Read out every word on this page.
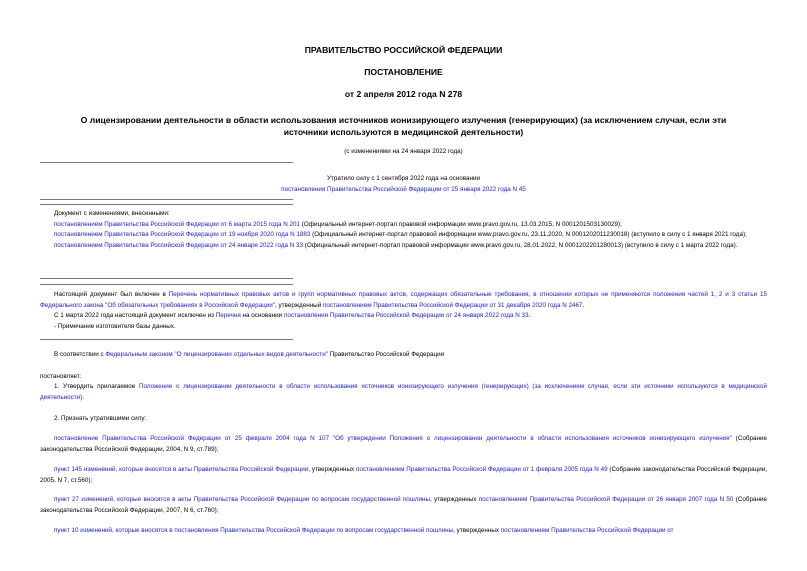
ПРАВИТЕЛЬСТВО РОССИЙСКОЙ ФЕДЕРАЦИИ
ПОСТАНОВЛЕНИЕ
от 2 апреля 2012 года N 278
О лицензировании деятельности в области использования источников ионизирующего излучения (генерирующих) (за исключением случая, если эти источники используются в медицинской деятельности)
(с изменениями на 24 января 2022 года)
Утратило силу с 1 сентября 2022 года на основании
постановления Правительства Российской Федерации от 25 января 2022 года N 45
Документ с изменениями, внесенными:
постановлением Правительства Российской Федерации от 6 марта 2015 года N 201 (Официальный интернет-портал правовой информации www.pravo.gov.ru, 13.03.2015, N 0001201503130029);
постановлением Правительства Российской Федерации от 19 ноября 2020 года N 1883 (Официальный интернет-портал правовой информации www.pravo.gov.ru, 23.11.2020, N 0001202011230018) (вступило в силу с 1 января 2021 года);
постановлением Правительства Российской Федерации от 24 января 2022 года N 33 (Официальный интернет-портал правовой информации www.pravo.gov.ru, 28.01.2022, N 0001202201280013) (вступило в силу с 1 марта 2022 года).
Настоящий документ был включен в Перечень нормативных правовых актов и групп нормативных правовых актов, содержащих обязательные требования, в отношении которых не применяются положения частей 1, 2 и 3 статьи 15 Федерального закона "Об обязательных требованиях в Российской Федерации", утвержденный постановлением Правительства Российской Федерации от 31 декабря 2020 года N 2467.
С 1 марта 2022 года настоящий документ исключен из Перечня на основании постановления Правительства Российской Федерации от 24 января 2022 года N 33.
- Примечание изготовителя базы данных.
В соответствии с Федеральным законом "О лицензировании отдельных видов деятельности" Правительство Российской Федерации
постановляет:
1. Утвердить прилагаемое Положение о лицензировании деятельности в области использования источников ионизирующего излучения (генерирующих) (за исключением случая, если эти источники используются в медицинской деятельности).
2. Признать утратившими силу:
постановление Правительства Российской Федерации от 25 февраля 2004 года N 107 "Об утверждении Положения о лицензировании деятельности в области использования источников ионизирующего излучения" (Собрание законодательства Российской Федерации, 2004, N 9, ст.789);
пункт 145 изменений, которые вносятся в акты Правительства Российской Федерации, утвержденных постановлением Правительства Российской Федерации от 1 февраля 2005 года N 49 (Собрание законодательства Российской Федерации, 2005, N 7, ст.560);
пункт 27 изменений, которые вносятся в акты Правительства Российской Федерации по вопросам государственной пошлины, утвержденных постановлением Правительства Российской Федерации от 26 января 2007 года N 50 (Собрание законодательства Российской Федерации, 2007, N 6, ст.760);
пункт 10 изменений, которые вносятся в постановления Правительства Российской Федерации по вопросам государственной пошлины, утвержденных постановлением Правительства Российской Федерации от
